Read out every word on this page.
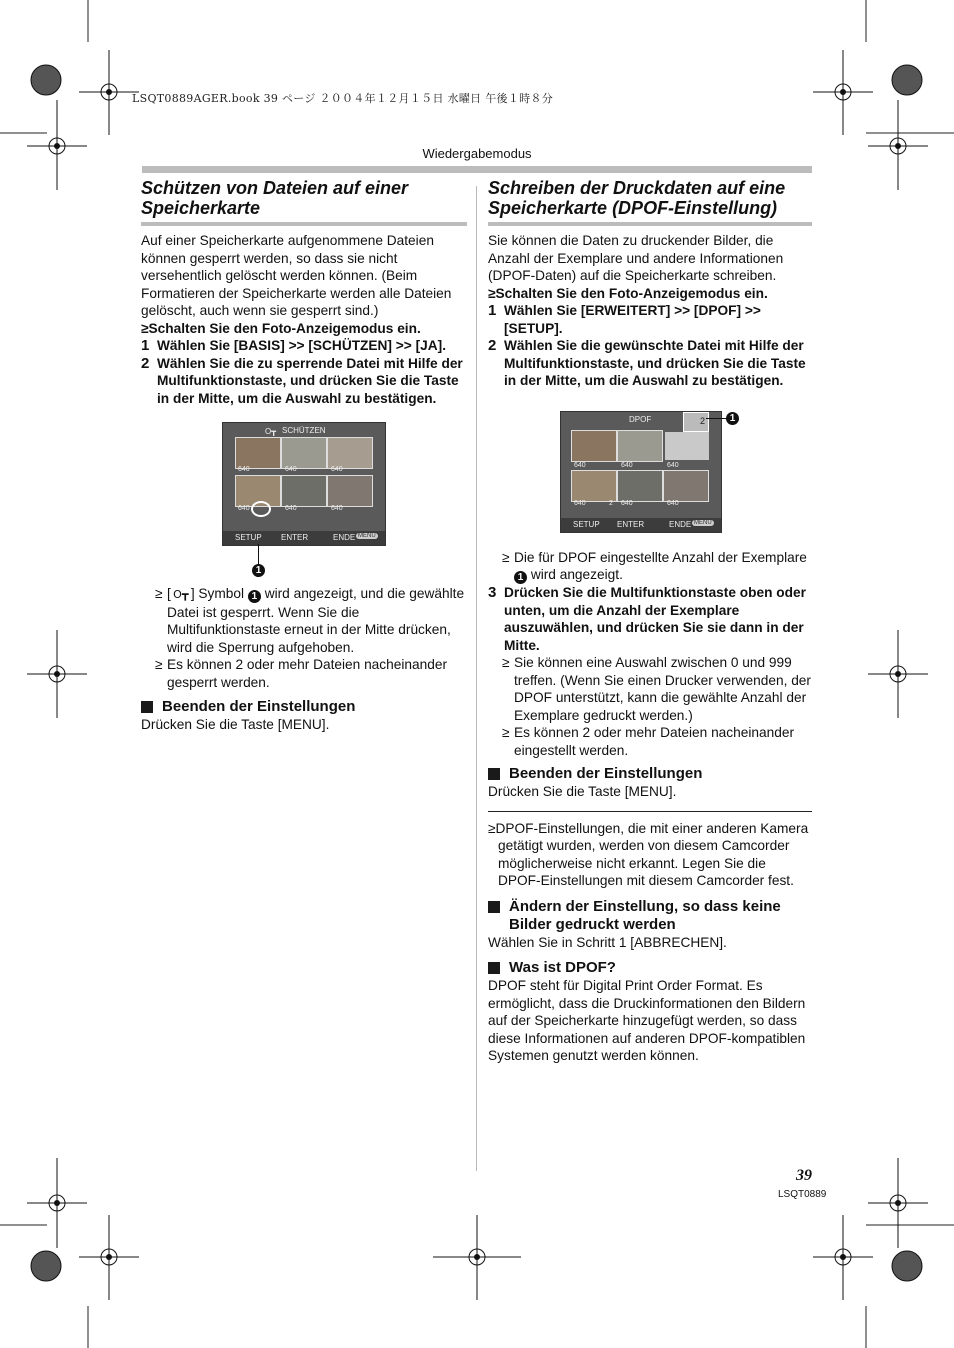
LSQT0889AGER.book 39 ページ ２００４年１２月１５日 水曜日 午後１時８分
Wiedergabemodus
Schützen von Dateien auf einer Speicherkarte

Auf einer Speicherkarte aufgenommene Dateien können gesperrt werden, so dass sie nicht versehentlich gelöscht werden können. (Beim Formatieren der Speicherkarte werden alle Dateien gelöscht, auch wenn sie gesperrt sind.)

≥Schalten Sie den Foto-Anzeigemodus ein.
1 Wählen Sie [BASIS] >> [SCHÜTZEN] >> [JA].
2 Wählen Sie die zu sperrende Datei mit Hilfe der Multifunktionstaste, und drücken Sie die Taste in der Mitte, um die Auswahl zu bestätigen.
O┳ SCHÜTZEN
640	640	640
640	640	640
SETUP ENTER	ENDE MENU
1
≥ [ O┳ ] Symbol 1 wird angezeigt, und die gewählte Datei ist gesperrt. Wenn Sie die Multifunktionstaste erneut in der Mitte drücken, wird die Sperrung aufgehoben.
≥ Es können 2 oder mehr Dateien nacheinander gesperrt werden.
Beenden der Einstellungen

Drücken Sie die Taste [MENU].

Schreiben der Druckdaten auf eine Speicherkarte (DPOF-Einstellung)

Sie können die Daten zu druckender Bilder, die Anzahl der Exemplare und andere Informationen (DPOF-Daten) auf die Speicherkarte schreiben.

≥Schalten Sie den Foto-Anzeigemodus ein.
1 Wählen Sie [ERWEITERT] >> [DPOF] >> [SETUP].
2 Wählen Sie die gewünschte Datei mit Hilfe der Multifunktionstaste, und drücken Sie die Taste in der Mitte, um die Auswahl zu bestätigen.
DPOF	2
640	640	640
640	2 640	640
SETUP ENTER	ENDE MENU
1
≥ Die für DPOF eingestellte Anzahl der Exemplare 1 wird angezeigt.
3 Drücken Sie die Multifunktionstaste oben oder unten, um die Anzahl der Exemplare auszuwählen, und drücken Sie sie dann in der Mitte.
≥ Sie können eine Auswahl zwischen 0 und 999 treffen. (Wenn Sie einen Drucker verwenden, der DPOF unterstützt, kann die gewählte Anzahl der Exemplare gedruckt werden.)
≥ Es können 2 oder mehr Dateien nacheinander eingestellt werden.
Beenden der Einstellungen

Drücken Sie die Taste [MENU].

≥DPOF-Einstellungen, die mit einer anderen Kamera getätigt wurden, werden von diesem Camcorder möglicherweise nicht erkannt. Legen Sie die DPOF-Einstellungen mit diesem Camcorder fest.

Ändern der Einstellung, so dass keine Bilder gedruckt werden

Wählen Sie in Schritt 1 [ABBRECHEN].

Was ist DPOF?

DPOF steht für Digital Print Order Format. Es ermöglicht, dass die Druckinformationen den Bildern auf der Speicherkarte hinzugefügt werden, so dass diese Informationen auf anderen DPOF-kompatiblen Systemen genutzt werden können.

39
LSQT0889
